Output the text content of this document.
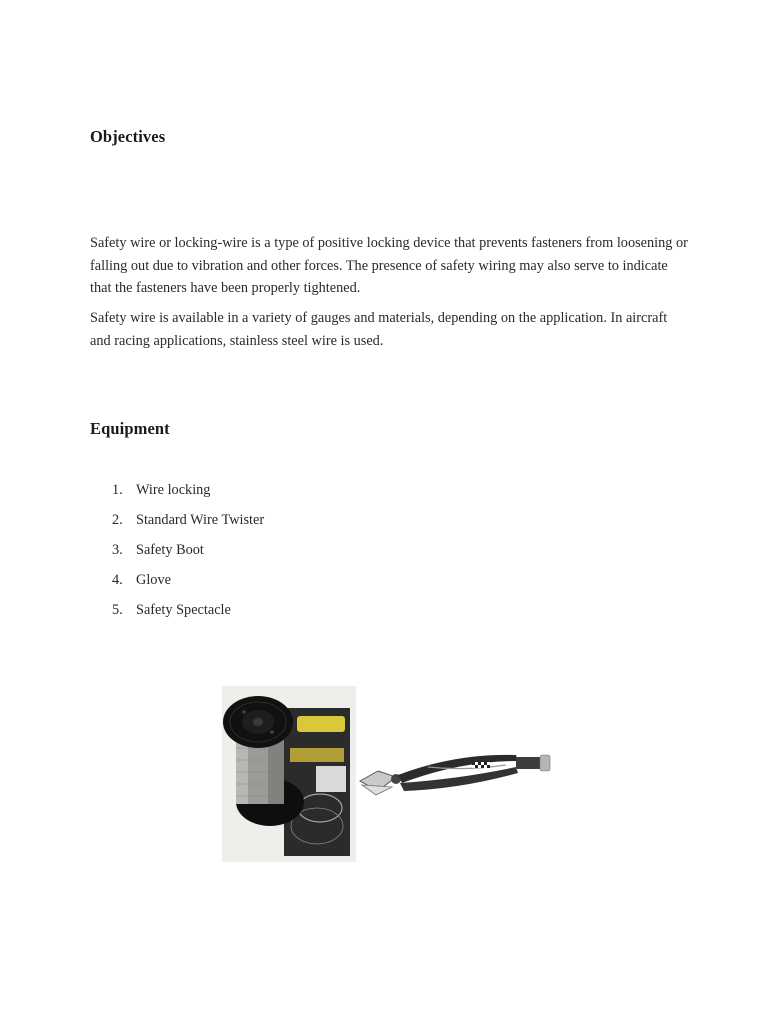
Objectives

Safety wire or locking-wire is a type of positive locking device that prevents fasteners from loosening or falling out due to vibration and other forces. The presence of safety wiring may also serve to indicate that the fasteners have been properly tightened.

Safety wire is available in a variety of gauges and materials, depending on the application. In aircraft and racing applications, stainless steel wire is used.

Equipment
1. Wire locking
2. Standard Wire Twister
3. Safety Boot
4. Glove
5. Safety Spectacle
